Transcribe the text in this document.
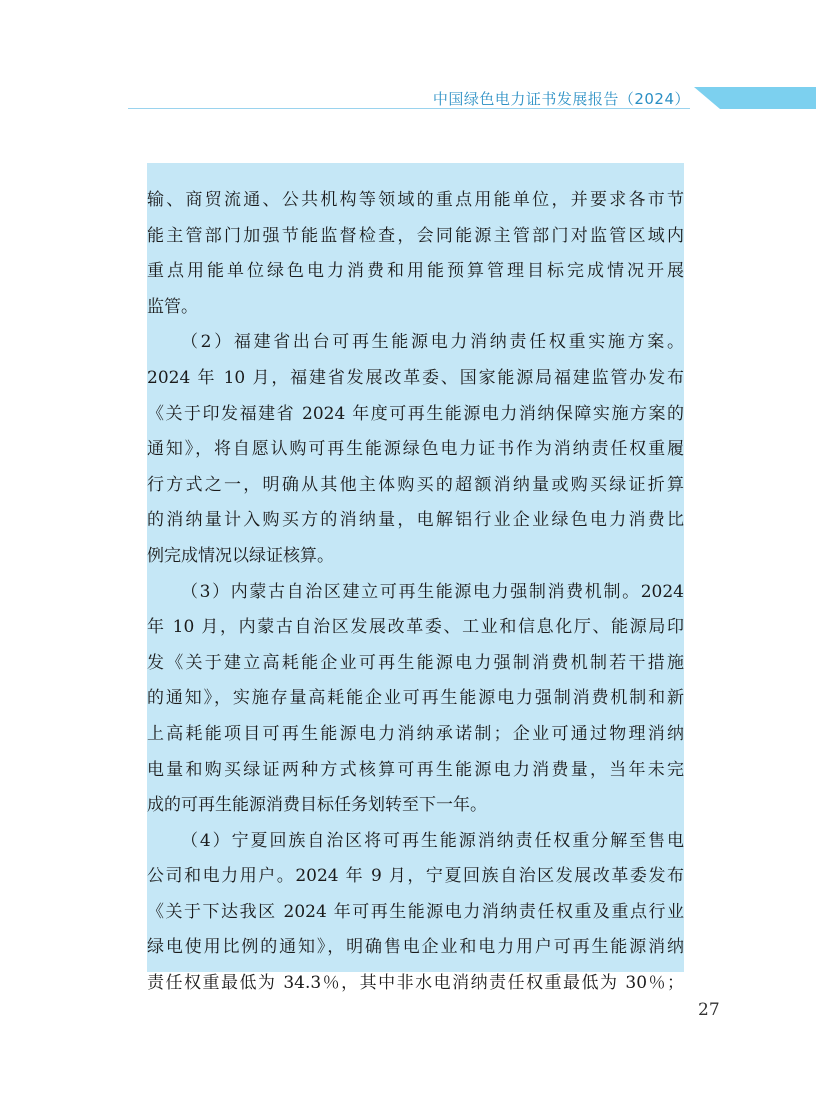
中国绿色电力证书发展报告（2024）
输、商贸流通、公共机构等领域的重点用能单位，并要求各市节
能主管部门加强节能监督检查，会同能源主管部门对监管区域内
重点用能单位绿色电力消费和用能预算管理目标完成情况开展
监管。
（2）福建省出台可再生能源电力消纳责任权重实施方案。
2024 年 10 月，福建省发展改革委、国家能源局福建监管办发布
《关于印发福建省 2024 年度可再生能源电力消纳保障实施方案的
通知》，将自愿认购可再生能源绿色电力证书作为消纳责任权重履
行方式之一，明确从其他主体购买的超额消纳量或购买绿证折算
的消纳量计入购买方的消纳量，电解铝行业企业绿色电力消费比
例完成情况以绿证核算。
（3）内蒙古自治区建立可再生能源电力强制消费机制。2024
年 10 月，内蒙古自治区发展改革委、工业和信息化厅、能源局印
发《关于建立高耗能企业可再生能源电力强制消费机制若干措施
的通知》，实施存量高耗能企业可再生能源电力强制消费机制和新
上高耗能项目可再生能源电力消纳承诺制；企业可通过物理消纳
电量和购买绿证两种方式核算可再生能源电力消费量，当年未完
成的可再生能源消费目标任务划转至下一年。
（4）宁夏回族自治区将可再生能源消纳责任权重分解至售电
公司和电力用户。2024 年 9 月，宁夏回族自治区发展改革委发布
《关于下达我区 2024 年可再生能源电力消纳责任权重及重点行业
绿电使用比例的通知》，明确售电企业和电力用户可再生能源消纳
责任权重最低为 34.3％，其中非水电消纳责任权重最低为 30％；
27
